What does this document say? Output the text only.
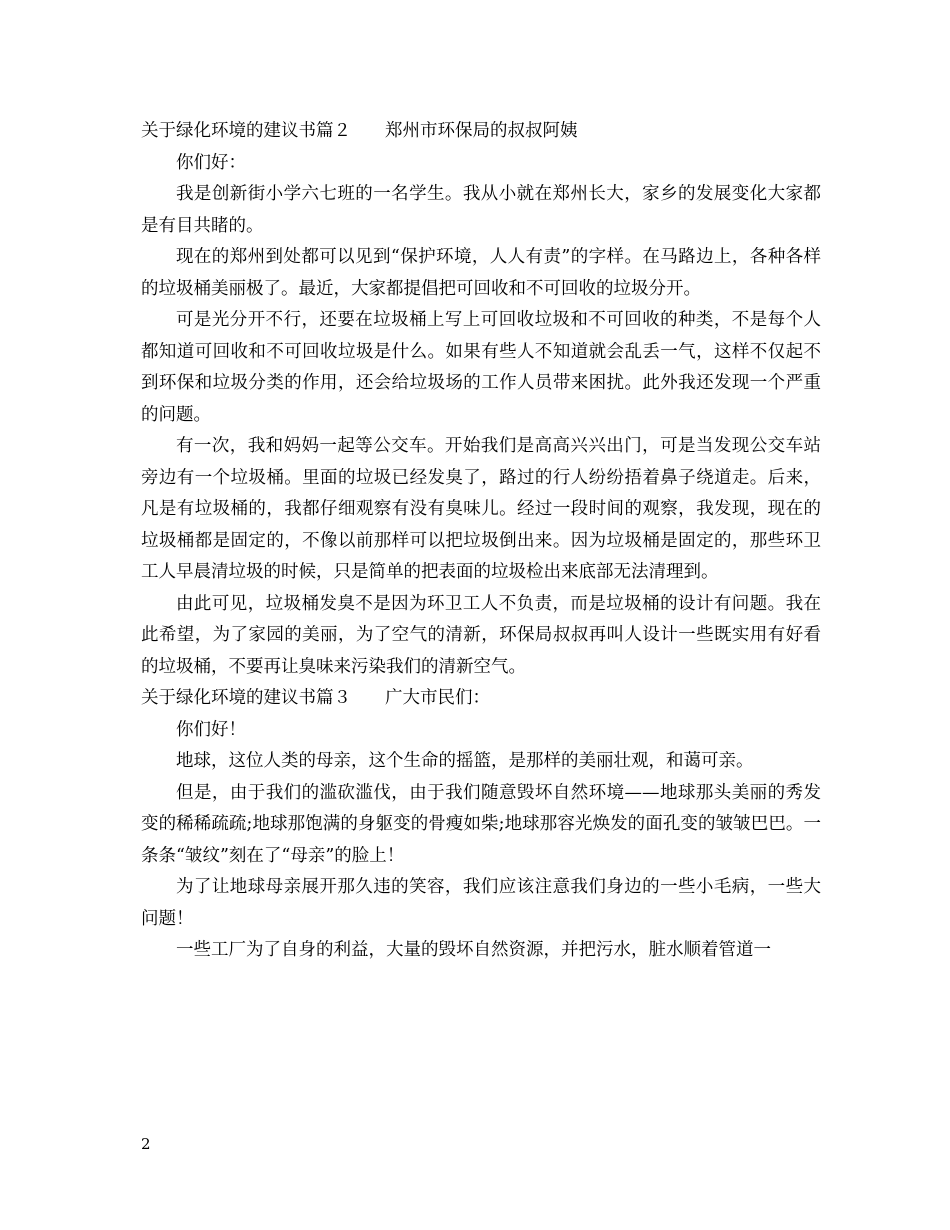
关于绿化环境的建议书篇２ 郑州市环保局的叔叔阿姨

你们好：

我是创新街小学六七班的一名学生。我从小就在郑州长大，家乡的发展变化大家都是有目共睹的。

现在的郑州到处都可以见到“保护环境，人人有责”的字样。在马路边上，各种各样的垃圾桶美丽极了。最近，大家都提倡把可回收和不可回收的垃圾分开。

可是光分开不行，还要在垃圾桶上写上可回收垃圾和不可回收的种类，不是每个人都知道可回收和不可回收垃圾是什么。如果有些人不知道就会乱丢一气，这样不仅起不到环保和垃圾分类的作用，还会给垃圾场的工作人员带来困扰。此外我还发现一个严重的问题。

有一次，我和妈妈一起等公交车。开始我们是高高兴兴出门，可是当发现公交车站旁边有一个垃圾桶。里面的垃圾已经发臭了，路过的行人纷纷捂着鼻子绕道走。后来，凡是有垃圾桶的，我都仔细观察有没有臭味儿。经过一段时间的观察，我发现，现在的垃圾桶都是固定的，不像以前那样可以把垃圾倒出来。因为垃圾桶是固定的，那些环卫工人早晨清垃圾的时候，只是简单的把表面的垃圾检出来底部无法清理到。

由此可见，垃圾桶发臭不是因为环卫工人不负责，而是垃圾桶的设计有问题。我在此希望，为了家园的美丽，为了空气的清新，环保局叔叔再叫人设计一些既实用有好看的垃圾桶，不要再让臭味来污染我们的清新空气。

关于绿化环境的建议书篇３ 广大市民们：

你们好！

地球，这位人类的母亲，这个生命的摇篮，是那样的美丽壮观，和蔼可亲。

但是，由于我们的滥砍滥伐，由于我们随意毁坏自然环境——地球那头美丽的秀发变的稀稀疏疏;地球那饱满的身躯变的骨瘦如柴;地球那容光焕发的面孔变的皱皱巴巴。一条条“皱纹”刻在了“母亲”的脸上！

为了让地球母亲展开那久违的笑容，我们应该注意我们身边的一些小毛病，一些大问题！

一些工厂为了自身的利益，大量的毁坏自然资源，并把污水，脏水顺着管道一

2
